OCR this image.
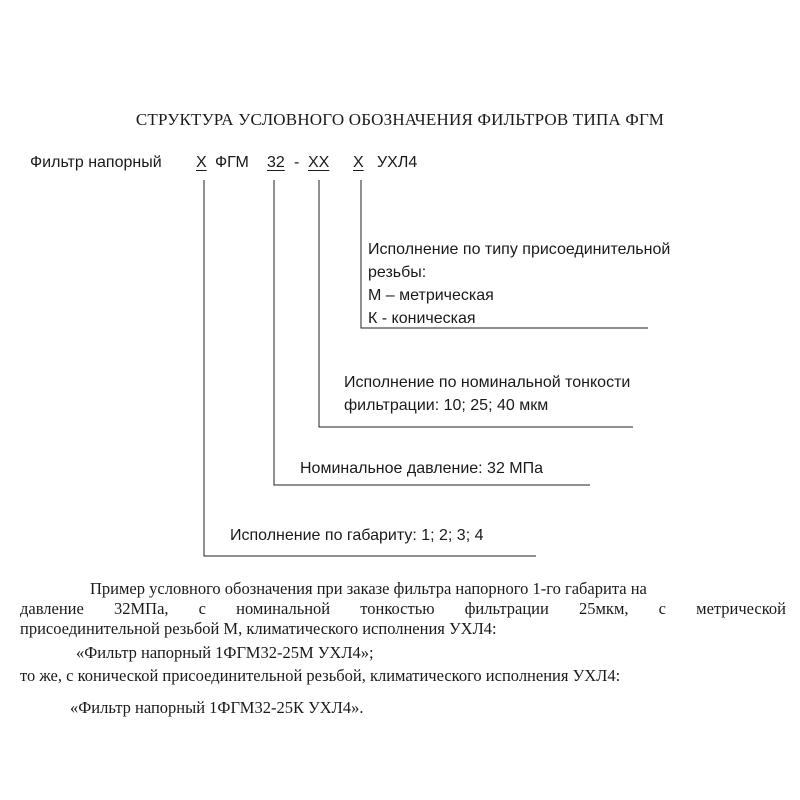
СТРУКТУРА УСЛОВНОГО ОБОЗНАЧЕНИЯ ФИЛЬТРОВ ТИПА ФГМ
Фильтр напорный Х ФГМ 32 - ХХ Х УХЛ4
Исполнение по типу присоединительной
резьбы:
М – метрическая
К - коническая
Исполнение по номинальной тонкости
фильтрации: 10; 25; 40 мкм
Номинальное давление: 32 МПа
Исполнение по габариту: 1; 2; 3; 4
Пример условного обозначения при заказе фильтра напорного 1-го габарита на
давление 32МПа, с номинальной тонкостью фильтрации 25мкм, с метрической
присоединительной резьбой М, климатического исполнения УХЛ4:
«Фильтр напорный 1ФГМ32-25М УХЛ4»;
то же, с конической присоединительной резьбой, климатического исполнения УХЛ4:
«Фильтр напорный 1ФГМ32-25К УХЛ4».
